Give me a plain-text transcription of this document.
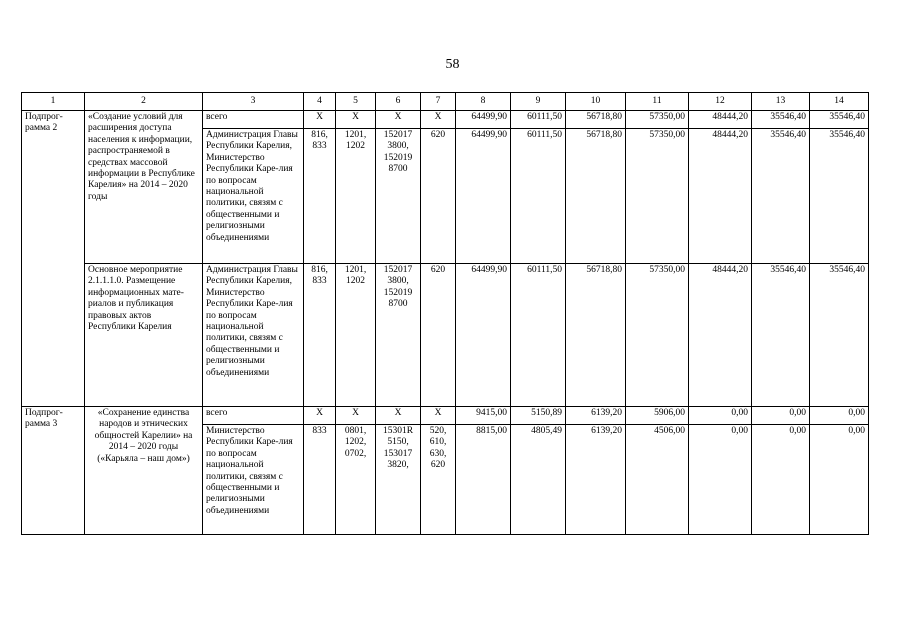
58
1	2	3	4	5	6	7	8	9	10	11	12	13	14
Подпрог-рамма 2	«Создание условий для расширения доступа населения к информации, распространяемой в средствах массовой информации в Республике Карелия» на 2014 – 2020 годы	всего	Х	Х	Х	Х	64499,90	60111,50	56718,80	57350,00	48444,20	35546,40	35546,40
		Администрация Главы Республики Карелия, Министерство Республики Каре-лия по вопросам национальной политики, связям с общественными и религиозными объединениями	816, 833	1201, 1202	152017 3800, 152019 8700	620	64499,90	60111,50	56718,80	57350,00	48444,20	35546,40	35546,40
	Основное мероприятие 2.1.1.1.0. Размещение информационных мате-риалов и публикация правовых актов Республики Карелия	Администрация Главы Республики Карелия, Министерство Республики Каре-лия по вопросам национальной политики, связям с общественными и религиозными объединениями	816, 833	1201, 1202	152017 3800, 152019 8700	620	64499,90	60111,50	56718,80	57350,00	48444,20	35546,40	35546,40
Подпрог-рамма 3	«Сохранение единства народов и этнических общностей Карелии» на 2014 – 2020 годы («Карьяла – наш дом»)	всего	Х	Х	Х	Х	9415,00	5150,89	6139,20	5906,00	0,00	0,00	0,00
		Министерство Республики Каре-лия по вопросам национальной политики, связям с общественными и религиозными объединениями	833	0801, 1202, 0702,	15301R 5150, 153017 3820,	520, 610, 630, 620	8815,00	4805,49	6139,20	4506,00	0,00	0,00	0,00
